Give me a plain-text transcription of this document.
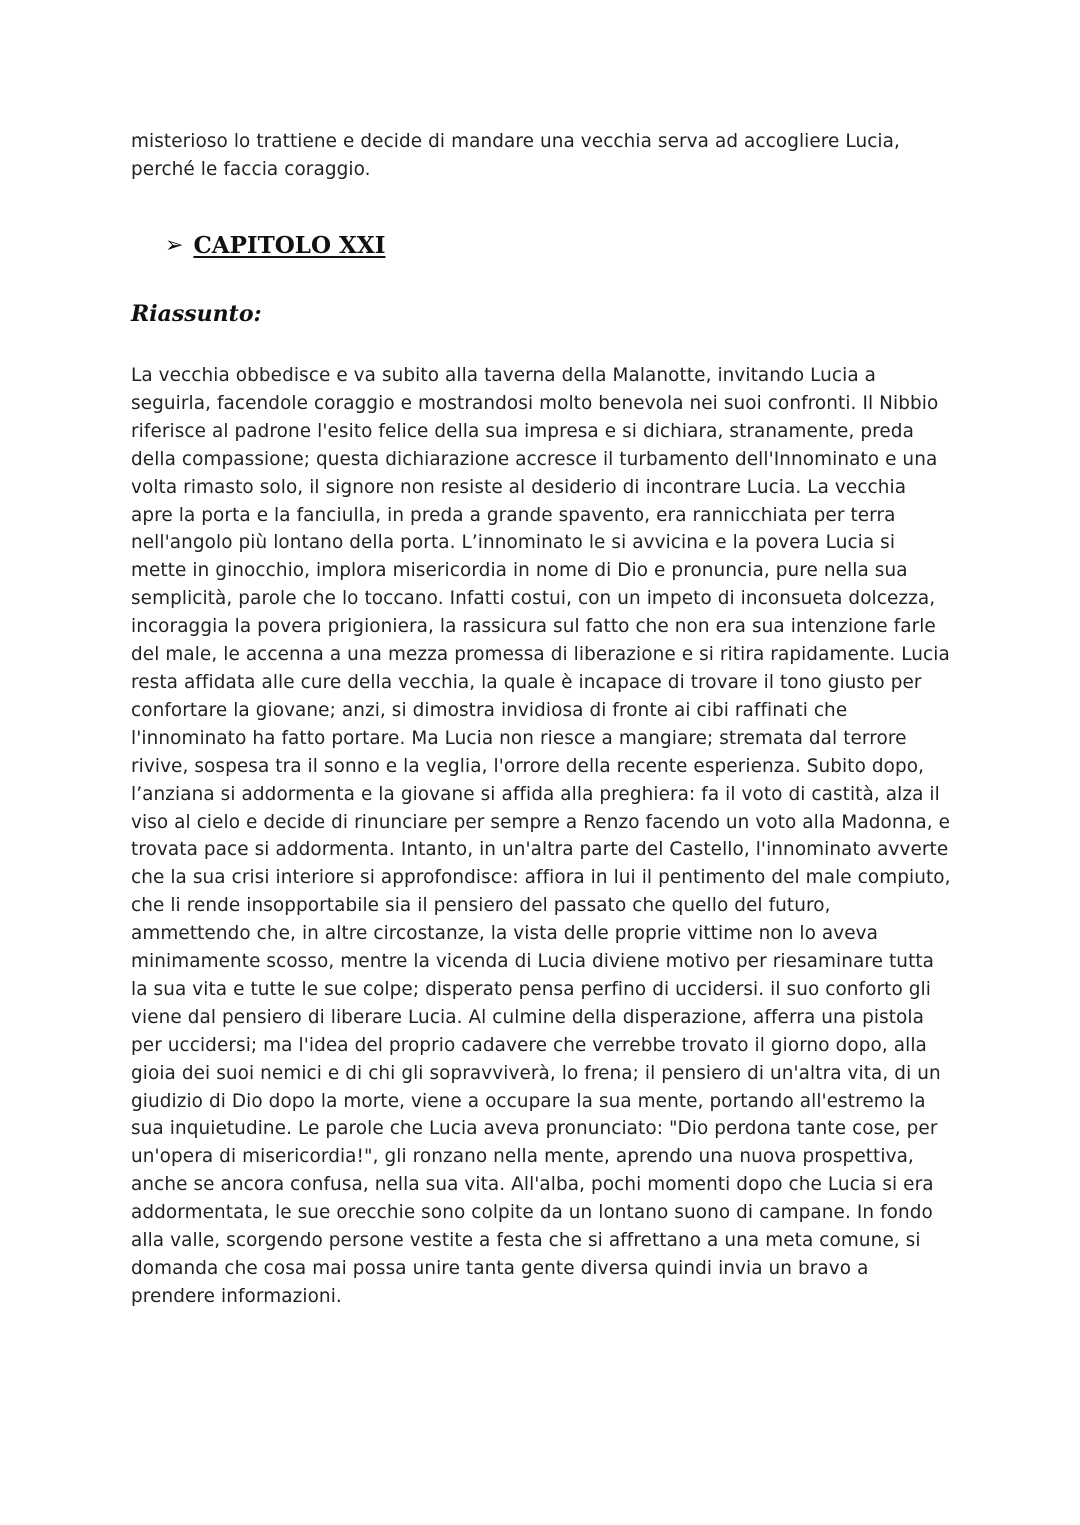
misterioso lo trattiene e decide di mandare una vecchia serva ad accogliere Lucia, perché le faccia coraggio.

➢ CAPITOLO XXI
Riassunto:

La vecchia obbedisce e va subito alla taverna della Malanotte, invitando Lucia a seguirla, facendole coraggio e mostrandosi molto benevola nei suoi confronti. Il Nibbio riferisce al padrone l'esito felice della sua impresa e si dichiara, stranamente, preda della compassione; questa dichiarazione accresce il turbamento dell'Innominato e una volta rimasto solo, il signore non resiste al desiderio di incontrare Lucia. La vecchia apre la porta e la fanciulla, in preda a grande spavento, era rannicchiata per terra nell'angolo più lontano della porta. L’innominato le si avvicina e la povera Lucia si mette in ginocchio, implora misericordia in nome di Dio e pronuncia, pure nella sua semplicità, parole che lo toccano. Infatti costui, con un impeto di inconsueta dolcezza, incoraggia la povera prigioniera, la rassicura sul fatto che non era sua intenzione farle del male, le accenna a una mezza promessa di liberazione e si ritira rapidamente. Lucia resta affidata alle cure della vecchia, la quale è incapace di trovare il tono giusto per confortare la giovane; anzi, si dimostra invidiosa di fronte ai cibi raffinati che l'innominato ha fatto portare. Ma Lucia non riesce a mangiare; stremata dal terrore rivive, sospesa tra il sonno e la veglia, l'orrore della recente esperienza. Subito dopo, l’anziana si addormenta e la giovane si affida alla preghiera: fa il voto di castità, alza il viso al cielo e decide di rinunciare per sempre a Renzo facendo un voto alla Madonna, e trovata pace si addormenta. Intanto, in un'altra parte del Castello, l'innominato avverte che la sua crisi interiore si approfondisce: affiora in lui il pentimento del male compiuto, che li rende insopportabile sia il pensiero del passato che quello del futuro, ammettendo che, in altre circostanze, la vista delle proprie vittime non lo aveva minimamente scosso, mentre la vicenda di Lucia diviene motivo per riesaminare tutta la sua vita e tutte le sue colpe; disperato pensa perfino di uccidersi. il suo conforto gli viene dal pensiero di liberare Lucia. Al culmine della disperazione, afferra una pistola per uccidersi; ma l'idea del proprio cadavere che verrebbe trovato il giorno dopo, alla gioia dei suoi nemici e di chi gli sopravviverà, lo frena; il pensiero di un'altra vita, di un giudizio di Dio dopo la morte, viene a occupare la sua mente, portando all'estremo la sua inquietudine. Le parole che Lucia aveva pronunciato: "Dio perdona tante cose, per un'opera di misericordia!", gli ronzano nella mente, aprendo una nuova prospettiva, anche se ancora confusa, nella sua vita. All'alba, pochi momenti dopo che Lucia si era addormentata, le sue orecchie sono colpite da un lontano suono di campane. In fondo alla valle, scorgendo persone vestite a festa che si affrettano a una meta comune, si domanda che cosa mai possa unire tanta gente diversa quindi invia un bravo a prendere informazioni.
